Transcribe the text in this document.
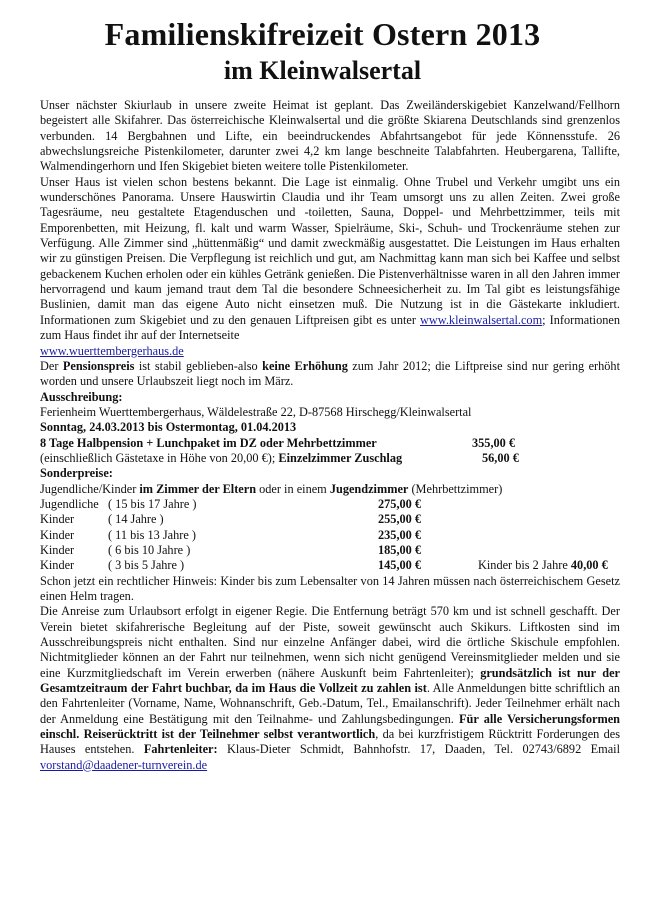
Familienskifreizeit Ostern 2013
im Kleinwalsertal

Unser nächster Skiurlaub in unsere zweite Heimat ist geplant. Das Zweiländerskigebiet Kanzelwand/Fellhorn begeistert alle Skifahrer. Das österreichische Kleinwalsertal und die größte Skiarena Deutschlands sind grenzenlos verbunden. 14 Bergbahnen und Lifte, ein beeindruckendes Abfahrtsangebot für jede Könnensstufe. 26 abwechslungsreiche Pistenkilometer, darunter zwei 4,2 km lange beschneite Talabfahrten. Heubergarena, Tallifte, Walmendingerhorn und Ifen Skigebiet bieten weitere tolle Pistenkilometer.

Unser Haus ist vielen schon bestens bekannt. Die Lage ist einmalig. Ohne Trubel und Verkehr umgibt uns ein wunderschönes Panorama. Unsere Hauswirtin Claudia und ihr Team umsorgt uns zu allen Zeiten. Zwei große Tagesräume, neu gestaltete Etagenduschen und -toiletten, Sauna, Doppel- und Mehrbettzimmer, teils mit Emporenbetten, mit Heizung, fl. kalt und warm Wasser, Spielräume, Ski-, Schuh- und Trockenräume stehen zur Verfügung. Alle Zimmer sind „hüttenmäßig“ und damit zweckmäßig ausgestattet. Die Leistungen im Haus erhalten wir zu günstigen Preisen. Die Verpflegung ist reichlich und gut, am Nachmittag kann man sich bei Kaffee und selbst gebackenem Kuchen erholen oder ein kühles Getränk genießen. Die Pistenverhältnisse waren in all den Jahren immer hervorragend und kaum jemand traut dem Tal die besondere Schneesicherheit zu. Im Tal gibt es leistungsfähige Buslinien, damit man das eigene Auto nicht einsetzen muß. Die Nutzung ist in die Gästekarte inkludiert. Informationen zum Skigebiet und zu den genauen Liftpreisen gibt es unter www.kleinwalsertal.com; Informationen zum Haus findet ihr auf der Internetseite
www.wuerttembergerhaus.de

Der Pensionspreis ist stabil geblieben-also keine Erhöhung zum Jahr 2012; die Liftpreise sind nur gering erhöht worden und unsere Urlaubszeit liegt noch im März.

Ausschreibung:

Ferienheim Wuerttembergerhaus, Wäldelestraße 22, D-87568 Hirschegg/Kleinwalsertal

Sonntag, 24.03.2013 bis Ostermontag, 01.04.2013

8 Tage Halbpension + Lunchpaket im DZ oder Mehrbettzimmer	355,00 €
(einschließlich Gästetaxe in Höhe von 20,00 €); Einzelzimmer Zuschlag	56,00 €

Sonderpreise:

Jugendliche/Kinder im Zimmer der Eltern oder in einem Jugendzimmer (Mehrbettzimmer)

Jugendliche ( 15 bis 17 Jahre )	275,00 €
Kinder	( 14 Jahre )	255,00 €
Kinder	( 11 bis 13 Jahre )	235,00 €
Kinder	( 6 bis 10 Jahre )	185,00 €
Kinder	( 3 bis 5 Jahre )	145,00 €	Kinder bis 2 Jahre 40,00 €

Schon jetzt ein rechtlicher Hinweis: Kinder bis zum Lebensalter von 14 Jahren müssen nach österreichischem Gesetz einen Helm tragen.

Die Anreise zum Urlaubsort erfolgt in eigener Regie. Die Entfernung beträgt 570 km und ist schnell geschafft. Der Verein bietet skifahrerische Begleitung auf der Piste, soweit gewünscht auch Skikurs. Liftkosten sind im Ausschreibungspreis nicht enthalten. Sind nur einzelne Anfänger dabei, wird die örtliche Skischule empfohlen. Nichtmitglieder können an der Fahrt nur teilnehmen, wenn sich nicht genügend Vereinsmitglieder melden und sie eine Kurzmitgliedschaft im Verein erwerben (nähere Auskunft beim Fahrtenleiter); grundsätzlich ist nur der Gesamtzeitraum der Fahrt buchbar, da im Haus die Vollzeit zu zahlen ist. Alle Anmeldungen bitte schriftlich an den Fahrtenleiter (Vorname, Name, Wohnanschrift, Geb.-Datum, Tel., Emailanschrift). Jeder Teilnehmer erhält nach der Anmeldung eine Bestätigung mit den Teilnahme- und Zahlungsbedingungen. Für alle Versicherungsformen einschl. Reiserücktritt ist der Teilnehmer selbst verantwortlich, da bei kurzfristigem Rücktritt Forderungen des Hauses entstehen. Fahrtenleiter: Klaus-Dieter Schmidt, Bahnhofstr. 17, Daaden, Tel. 02743/6892 Email vorstand@daadener-turnverein.de
